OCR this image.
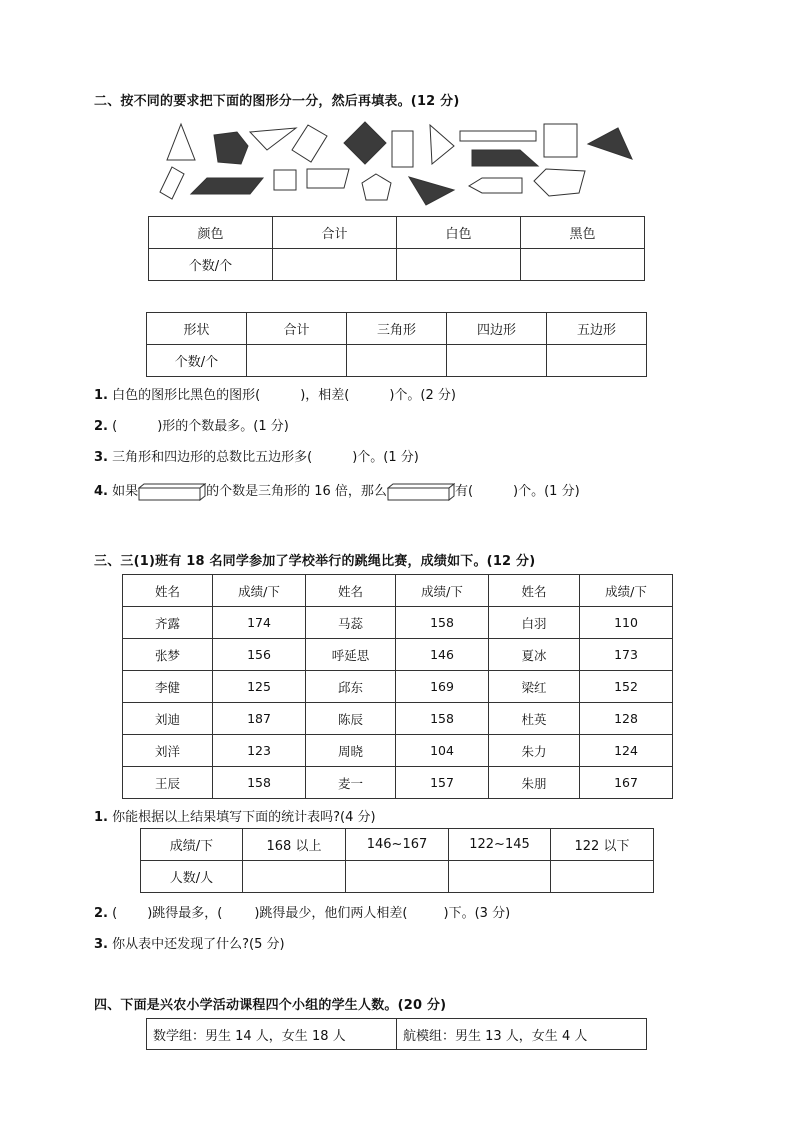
二、按不同的要求把下面的图形分一分，然后再填表。(12 分)
颜色	合计	白色	黑色
个数/个			
形状	合计	三角形	四边形	五边形
个数/个				
1. 白色的图形比黑色的图形(	)，相差(	)个。(2 分)
2. (	)形的个数最多。(1 分)
3. 三角形和四边形的总数比五边形多(	)个。(1 分)
4. 如果	的个数是三角形的 16 倍，那么	有(	)个。(1 分)
三、三(1)班有 18 名同学参加了学校举行的跳绳比赛，成绩如下。(12 分)
姓名	成绩/下	姓名	成绩/下	姓名	成绩/下
齐露	174	马蕊	158	白羽	110
张梦	156	呼延思	146	夏冰	173
李健	125	邱东	169	梁红	152
刘迪	187	陈辰	158	杜英	128
刘洋	123	周晓	104	朱力	124
王辰	158	麦一	157	朱朋	167
1. 你能根据以上结果填写下面的统计表吗?(4 分)
成绩/下	168 以上	146~167	122~145	122 以下
人数/人				
2. ( )跳得最多，( )跳得最少，他们两人相差(	)下。(3 分)
3. 你从表中还发现了什么?(5 分)
四、下面是兴农小学活动课程四个小组的学生人数。(20 分)
数学组：男生 14 人，女生 18 人	航模组：男生 13 人，女生 4 人
